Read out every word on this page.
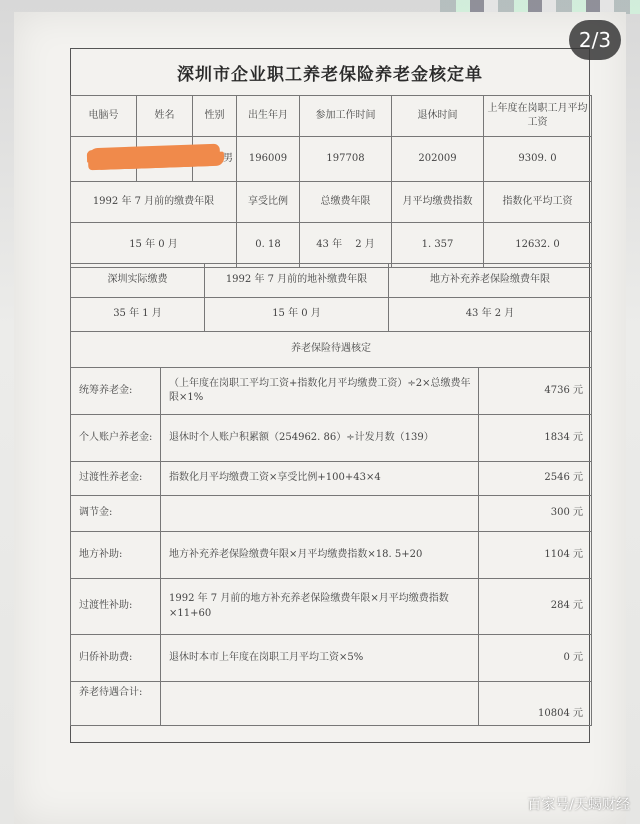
深圳市企业职工养老保险养老金核定单
电脑号	姓名	性别	出生年月	参加工作时间	退休时间	上年度在岗职工月平均工资
		男	196009	197708	202009	9309. 0
1992 年 7 月前的缴费年限			享受比例	总缴费年限	月平均缴费指数	指数化平均工资
15 年 0 月			0. 18	43 年　 2 月	1. 357	12632. 0
深圳实际缴费	1992 年 7 月前的地补缴费年限	地方补充养老保险缴费年限
35 年 1 月	15 年 0 月	43 年 2 月
养老保险待遇核定		
统筹养老金:	（上年度在岗职工平均工资+指数化月平均缴费工资）÷2×总缴费年限×1%	4736 元
个人账户养老金:	退休时个人账户积累额（254962. 86）÷计发月数（139）	1834 元
过渡性养老金:	指数化月平均缴费工资×享受比例+100+43×4	2546 元
调节金:		300 元
地方补助:	地方补充养老保险缴费年限×月平均缴费指数×18. 5+20	1104 元
过渡性补助:	1992 年 7 月前的地方补充养老保险缴费年限×月平均缴费指数×11+60	284 元
归侨补助费:	退休时本市上年度在岗职工月平均工资×5%	0 元
养老待遇合计:		10804 元
2/3
百家号/天蝎财经
